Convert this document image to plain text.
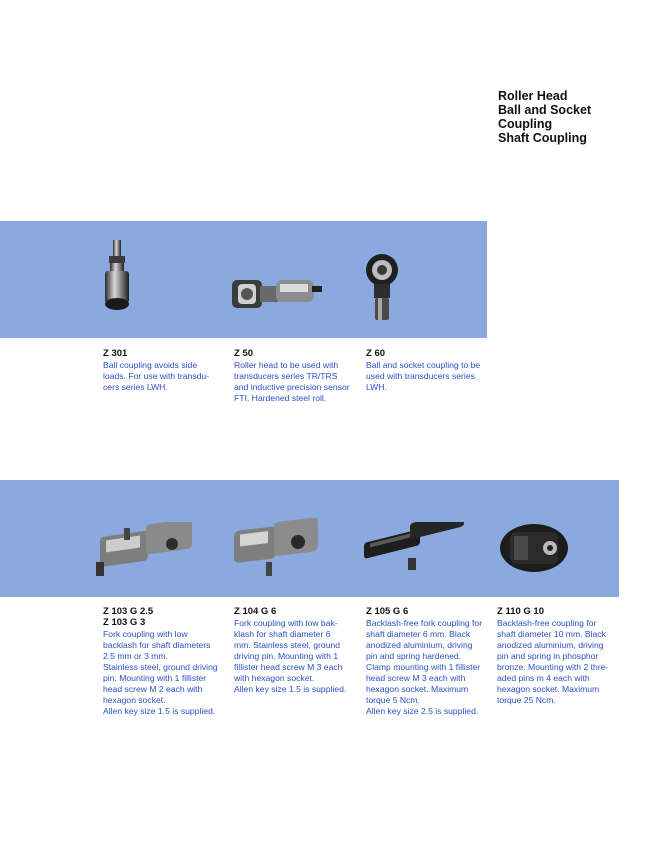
Roller Head
Ball and Socket
Coupling
Shaft Coupling
Z 301
Ball coupling avoids side
loads. For use with transdu-
cers series LWH.
Z 50
Roller head to be used with
transducers series TR/TRS
and inductive precision sensor
FTI. Hardened steel roll.
Z 60
Ball and socket coupling to be
used with transducers series
LWH.
Z 103 G 2.5
Z 103 G 3
Fork coupling with low
backlash for shaft diameters
2.5 mm or 3 mm.
Stainless steel, ground driving
pin. Mounting with 1 fillister
head screw M 2 each with
hexagon socket.
Allen key size 1.5 is supplied.
Z 104 G 6
Fork coupling with low bak-
klash for shaft diameter 6
mm. Stainless steel, ground
driving pin. Mounting with 1
fillister head screw M 3 each
with hexagon socket.
Allen key size 1.5 is supplied.
Z 105 G 6
Backlash-free fork coupling for
shaft diameter 6 mm. Black
anodized aluminium, driving
pin and spring hardened.
Clamp mounting with 1 fillister
head screw M 3 each with
hexagon socket. Maximum
torque 5 Ncm.
Allen key size 2.5 is supplied.
Z 110 G 10
Backlash-free coupling for
shaft diameter 10 mm. Black
anodized aluminium, driving
pin and spring in phosphor
bronze. Mounting with 2 thre-
aded pins m 4 each with
hexagon socket. Maximum
torque 25 Ncm.
